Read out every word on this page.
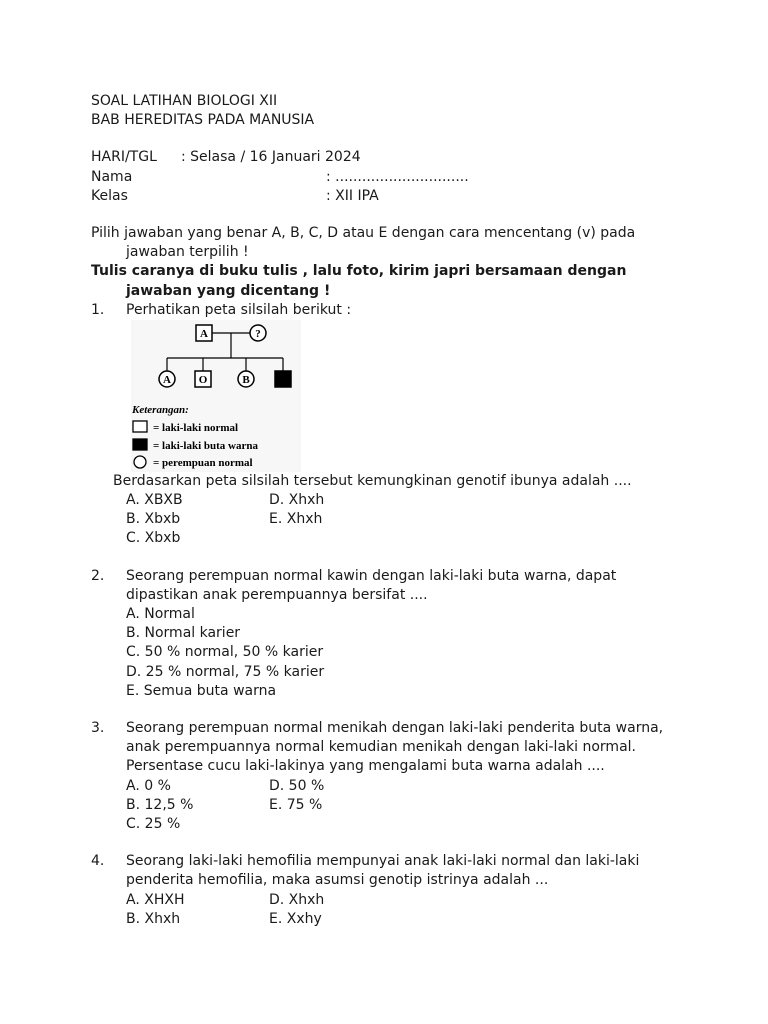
SOAL LATIHAN BIOLOGI XII
BAB HEREDITAS PADA MANUSIA
HARI/TGL : Selasa / 16 Januari 2024
Nama	: ..............................
Kelas	: XII IPA
Pilih jawaban yang benar A, B, C, D atau E dengan cara mencentang (v) pada
jawaban terpilih !
Tulis caranya di buku tulis , lalu foto, kirim japri bersamaan dengan
jawaban yang dicentang !
1. Perhatikan peta silsilah berikut :
A	?
A	O	B
Keterangan:
= laki-laki normal
= laki-laki buta warna
= perempuan normal
Berdasarkan peta silsilah tersebut kemungkinan genotif ibunya adalah ....
A. XBXB	D. Xhxh
B. Xbxb	E. Xhxh
C. Xbxb
2. Seorang perempuan normal kawin dengan laki-laki buta warna, dapat
dipastikan anak perempuannya bersifat ....
A. Normal
B. Normal karier
C. 50 % normal, 50 % karier
D. 25 % normal, 75 % karier
E. Semua buta warna
3. Seorang perempuan normal menikah dengan laki-laki penderita buta warna,
anak perempuannya normal kemudian menikah dengan laki-laki normal.
Persentase cucu laki-lakinya yang mengalami buta warna adalah ....
A. 0 %	D. 50 %
B. 12,5 %	E. 75 %
C. 25 %
4. Seorang laki-laki hemofilia mempunyai anak laki-laki normal dan laki-laki
penderita hemofilia, maka asumsi genotip istrinya adalah ...
A. XHXH	D. Xhxh
B. Xhxh	E. Xxhy
